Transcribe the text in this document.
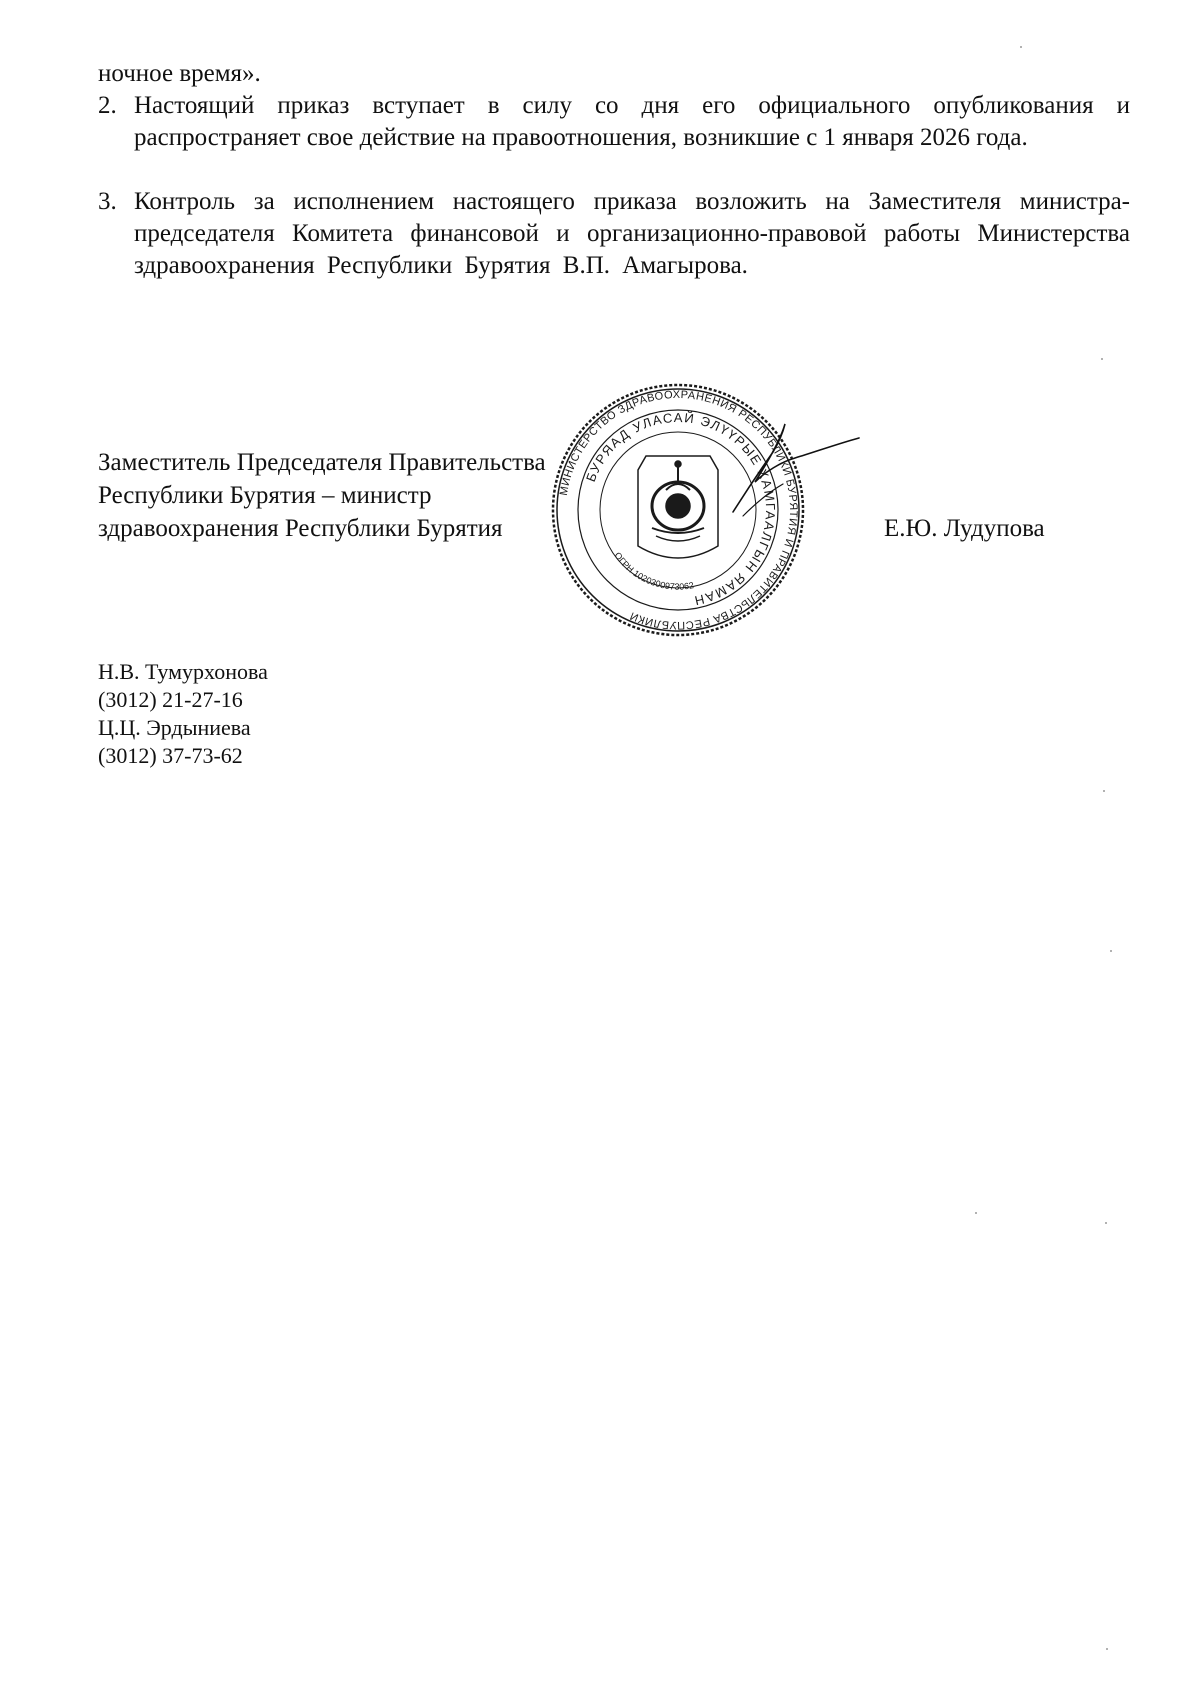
ночное время».
2. Настоящий приказ вступает в силу со дня его официального опубликования и распространяет свое действие на правоотношения, возникшие с 1 января 2026 года.
3. Контроль за исполнением настоящего приказа возложить на Заместителя министра-председателя Комитета финансовой и организационно-правовой работы Министерства здравоохранения Республики Бурятия В.П. Амагырова.
Заместитель Председателя Правительства
Республики Бурятия – министр
здравоохранения Республики Бурятия	Е.Ю. Лудупова
МИНИСТЕРСТВО ЗДРАВООХРАНЕНИЯ РЕСПУБЛИКИ БУРЯТИЯ И ПРАВИТЕЛЬСТВА РЕСПУБЛИКИ
БУРЯАД УЛАСАЙ ЭЛҮҮРЫЕ ХАМГААЛГЫН ЯАМАН
ОГРН 1020300973062
Н.В. Тумурхонова
(3012) 21-27-16
Ц.Ц. Эрдыниева
(3012) 37-73-62
